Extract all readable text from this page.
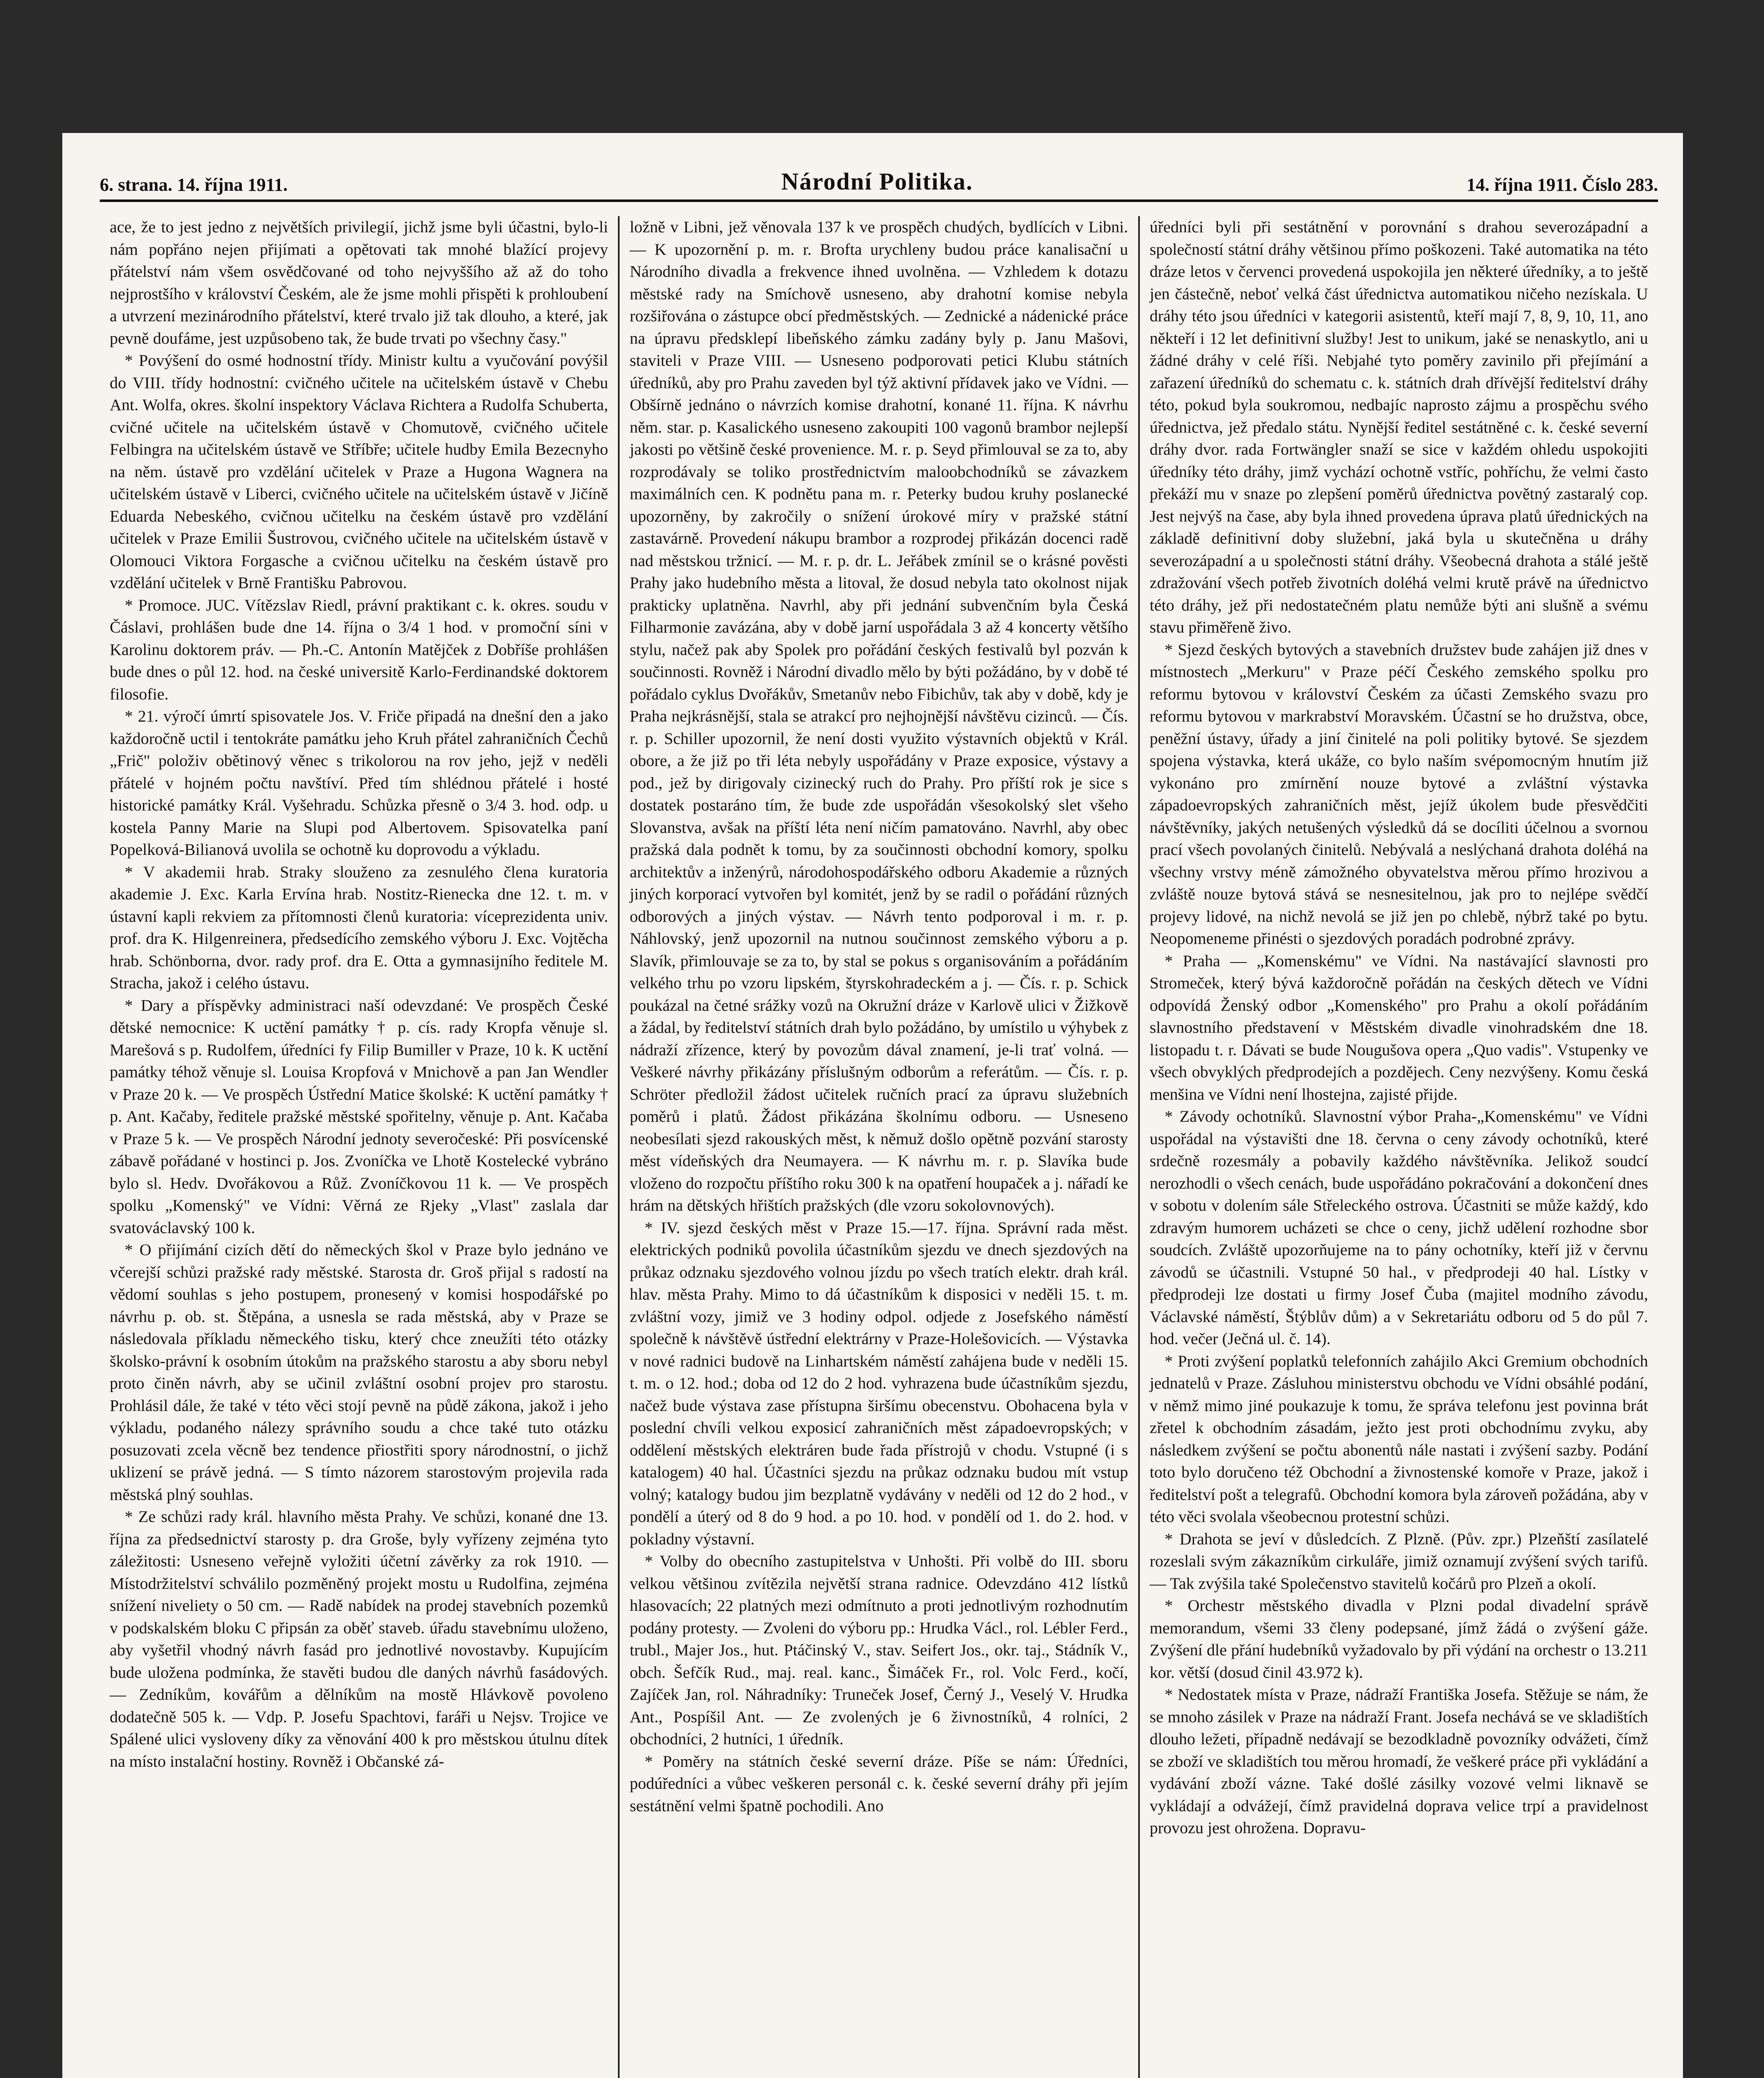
6. strana. 14. října 1911.	Národní Politika.	14. října 1911. Číslo 283.

ace, že to jest jedno z největších privilegií, jichž jsme byli účastni, bylo-li nám popřáno nejen přijímati a opětovati tak mnohé blažící projevy přátelství nám všem osvědčované od toho nejvyššího až až do toho nejprostšího v království Českém, ale že jsme mohli přispěti k prohloubení a utvrzení mezinárodního přátelství, které trvalo již tak dlouho, a které, jak pevně doufáme, jest uzpůsobeno tak, že bude trvati po všechny časy."

* Povýšení do osmé hodnostní třídy. Ministr kultu a vyučování povýšil do VIII. třídy hodnostní: cvičného učitele na učitelském ústavě v Chebu Ant. Wolfa, okres. školní inspektory Václava Richtera a Rudolfa Schuberta, cvičné učitele na učitelském ústavě v Chomutově, cvičného učitele Felbingra na učitelském ústavě ve Stříbře; učitele hudby Emila Bezecnyho na něm. ústavě pro vzdělání učitelek v Praze a Hugona Wagnera na učitelském ústavě v Liberci, cvičného učitele na učitelském ústavě v Jičíně Eduarda Nebeského, cvičnou učitelku na českém ústavě pro vzdělání učitelek v Praze Emilii Šustrovou, cvičného učitele na učitelském ústavě v Olomouci Viktora Forgasche a cvičnou učitelku na českém ústavě pro vzdělání učitelek v Brně Františku Pabrovou.

* Promoce. JUC. Vítězslav Riedl, právní praktikant c. k. okres. soudu v Čáslavi, prohlášen bude dne 14. října o 3/4 1 hod. v promoční síni v Karolinu doktorem práv. — Ph.-C. Antonín Matějček z Dobříše prohlášen bude dnes o půl 12. hod. na české universitě Karlo-Ferdinandské doktorem filosofie.

* 21. výročí úmrtí spisovatele Jos. V. Friče připadá na dnešní den a jako každoročně uctil i tentokráte památku jeho Kruh přátel zahraničních Čechů „Frič" položiv obětinový věnec s trikolorou na rov jeho, jejž v neděli přátelé v hojném počtu navštíví. Před tím shlédnou přátelé i hosté historické památky Král. Vyšehradu. Schůzka přesně o 3/4 3. hod. odp. u kostela Panny Marie na Slupi pod Albertovem. Spisovatelka paní Popelková-Bilianová uvolila se ochotně ku doprovodu a výkladu.

* V akademii hrab. Straky slouženo za zesnulého člena kuratoria akademie J. Exc. Karla Ervína hrab. Nostitz-Rienecka dne 12. t. m. v ústavní kapli rekviem za přítomnosti členů kuratoria: víceprezidenta univ. prof. dra K. Hilgenreinera, předsedícího zemského výboru J. Exc. Vojtěcha hrab. Schönborna, dvor. rady prof. dra E. Otta a gymnasijního ředitele M. Stracha, jakož i celého ústavu.

* Dary a příspěvky administraci naší odevzdané: Ve prospěch České dětské nemocnice: K uctění památky † p. cís. rady Kropfa věnuje sl. Marešová s p. Rudolfem, úředníci fy Filip Bumiller v Praze, 10 k. K uctění památky téhož věnuje sl. Louisa Kropfová v Mnichově a pan Jan Wendler v Praze 20 k. — Ve prospěch Ústřední Matice školské: K uctění památky † p. Ant. Kačaby, ředitele pražské městské spořitelny, věnuje p. Ant. Kačaba v Praze 5 k. — Ve prospěch Národní jednoty severočeské: Při posvícenské zábavě pořádané v hostinci p. Jos. Zvoníčka ve Lhotě Kostelecké vybráno bylo sl. Hedv. Dvořákovou a Růž. Zvoníčkovou 11 k. — Ve prospěch spolku „Komenský" ve Vídni: Věrná ze Rjeky „Vlast" zaslala dar svatováclavský 100 k.

* O přijímání cizích dětí do německých škol v Praze bylo jednáno ve včerejší schůzi pražské rady městské. Starosta dr. Groš přijal s radostí na vědomí souhlas s jeho postupem, pronesený v komisi hospodářské po návrhu p. ob. st. Štěpána, a usnesla se rada městská, aby v Praze se následovala příkladu německého tisku, který chce zneužíti této otázky školsko-právní k osobním útokům na pražského starostu a aby sboru nebyl proto činěn návrh, aby se učinil zvláštní osobní projev pro starostu. Prohlásil dále, že také v této věci stojí pevně na půdě zákona, jakož i jeho výkladu, podaného nálezy správního soudu a chce také tuto otázku posuzovati zcela věcně bez tendence přiostřiti spory národnostní, o jichž uklizení se právě jedná. — S tímto názorem starostovým projevila rada městská plný souhlas.

* Ze schůzi rady král. hlavního města Prahy. Ve schůzi, konané dne 13. října za předsednictví starosty p. dra Groše, byly vyřízeny zejména tyto záležitosti: Usneseno veřejně vyložiti účetní závěrky za rok 1910. — Místodržitelství schválilo pozměněný projekt mostu u Rudolfina, zejména snížení niveliety o 50 cm. — Radě nabídek na prodej stavebních pozemků v podskalském bloku C připsán za oběť staveb. úřadu stavebnímu uloženo, aby vyšetřil vhodný návrh fasád pro jednotlivé novostavby. Kupujícím bude uložena podmínka, že stavěti budou dle daných návrhů fasádových. — Zedníkům, kovářům a dělníkům na mostě Hlávkově povoleno dodatečně 505 k. — Vdp. P. Josefu Spachtovi, faráři u Nejsv. Trojice ve Spálené ulici vysloveny díky za věnování 400 k pro městskou útulnu dítek na místo instalační hostiny. Rovněž i Občanské zá-

ložně v Libni, jež věnovala 137 k ve prospěch chudých, bydlících v Libni. — K upozornění p. m. r. Brofta urychleny budou práce kanalisační u Národního divadla a frekvence ihned uvolněna. — Vzhledem k dotazu městské rady na Smíchově usneseno, aby drahotní komise nebyla rozšiřována o zástupce obcí předměstských. — Zednické a nádenické práce na úpravu předsklepí libeňského zámku zadány byly p. Janu Mašovi, staviteli v Praze VIII. — Usneseno podporovati petici Klubu státních úředníků, aby pro Prahu zaveden byl týž aktivní přídavek jako ve Vídni. — Obšírně jednáno o návrzích komise drahotní, konané 11. října. K návrhu něm. star. p. Kasalického usneseno zakoupiti 100 vagonů brambor nejlepší jakosti po většině české provenience. M. r. p. Seyd přimlouval se za to, aby rozprodávaly se toliko prostřednictvím maloobchodníků se závazkem maximálních cen. K podnětu pana m. r. Peterky budou kruhy poslanecké upozorněny, by zakročily o snížení úrokové míry v pražské státní zastavárně. Provedení nákupu brambor a rozprodej přikázán docenci radě nad městskou tržnicí. — M. r. p. dr. L. Jeřábek zmínil se o krásné pověsti Prahy jako hudebního města a litoval, že dosud nebyla tato okolnost nijak prakticky uplatněna. Navrhl, aby při jednání subvenčním byla Česká Filharmonie zavázána, aby v době jarní uspořádala 3 až 4 koncerty většího stylu, načež pak aby Spolek pro pořádání českých festivalů byl pozván k součinnosti. Rovněž i Národní divadlo mělo by býti požádáno, by v době té pořádalo cyklus Dvořákův, Smetanův nebo Fibichův, tak aby v době, kdy je Praha nejkrásnější, stala se atrakcí pro nejhojnější návštěvu cizinců. — Čís. r. p. Schiller upozornil, že není dosti využito výstavních objektů v Král. obore, a že již po tři léta nebyly uspořádány v Praze exposice, výstavy a pod., jež by dirigovaly cizinecký ruch do Prahy. Pro příští rok je sice s dostatek postaráno tím, že bude zde uspořádán všesokolský slet všeho Slovanstva, avšak na příští léta není ničím pamatováno. Navrhl, aby obec pražská dala podnět k tomu, by za součinnosti obchodní komory, spolku architektův a inženýrů, národohospodářského odboru Akademie a různých jiných korporací vytvořen byl komitét, jenž by se radil o pořádání různých odborových a jiných výstav. — Návrh tento podporoval i m. r. p. Náhlovský, jenž upozornil na nutnou součinnost zemského výboru a p. Slavík, přimlouvaje se za to, by stal se pokus s organisováním a pořádáním velkého trhu po vzoru lipském, štyrskohradeckém a j. — Čís. r. p. Schick poukázal na četné srážky vozů na Okružní dráze v Karlově ulici v Žižkově a žádal, by ředitelství státních drah bylo požádáno, by umístilo u výhybek z nádraží zřízence, který by povozům dával znamení, je-li trať volná. — Veškeré návrhy přikázány příslušným odborům a referátům. — Čís. r. p. Schröter předložil žádost učitelek ručních prací za úpravu služebních poměrů i platů. Žádost přikázána školnímu odboru. — Usneseno neobesílati sjezd rakouských měst, k němuž došlo opětně pozvání starosty měst vídeňských dra Neumayera. — K návrhu m. r. p. Slavíka bude vloženo do rozpočtu příštího roku 300 k na opatření houpaček a j. nářadí ke hrám na dětských hřištích pražských (dle vzoru sokolovnových).

* IV. sjezd českých měst v Praze 15.—17. října. Správní rada měst. elektrických podniků povolila účastníkům sjezdu ve dnech sjezdových na průkaz odznaku sjezdového volnou jízdu po všech tratích elektr. drah král. hlav. města Prahy. Mimo to dá účastníkům k disposici v neděli 15. t. m. zvláštní vozy, jimiž ve 3 hodiny odpol. odjede z Josefského náměstí společně k návštěvě ústřední elektrárny v Praze-Holešovicích. — Výstavka v nové radnici budově na Linhartském náměstí zahájena bude v neděli 15. t. m. o 12. hod.; doba od 12 do 2 hod. vyhrazena bude účastníkům sjezdu, načež bude výstava zase přístupna širšímu obecenstvu. Obohacena byla v poslední chvíli velkou exposicí zahraničních měst západoevropských; v oddělení městských elektráren bude řada přístrojů v chodu. Vstupné (i s katalogem) 40 hal. Účastníci sjezdu na průkaz odznaku budou mít vstup volný; katalogy budou jim bezplatně vydávány v neděli od 12 do 2 hod., v pondělí a úterý od 8 do 9 hod. a po 10. hod. v pondělí od 1. do 2. hod. v pokladny výstavní.

* Volby do obecního zastupitelstva v Unhošti. Při volbě do III. sboru velkou většinou zvítězila největší strana radnice. Odevzdáno 412 lístků hlasovacích; 22 platných mezi odmítnuto a proti jednotlivým rozhodnutím podány protesty. — Zvoleni do výboru pp.: Hrudka Václ., rol. Lébler Ferd., trubl., Majer Jos., hut. Ptáčinský V., stav. Seifert Jos., okr. taj., Stádník V., obch. Šefčík Rud., maj. real. kanc., Šimáček Fr., rol. Volc Ferd., kočí, Zajíček Jan, rol. Náhradníky: Truneček Josef, Černý J., Veselý V. Hrudka Ant., Pospíšil Ant. — Ze zvolených je 6 živnostníků, 4 rolníci, 2 obchodníci, 2 hutníci, 1 úředník.

* Poměry na státních české severní dráze. Píše se nám: Úředníci, podúředníci a vůbec veškeren personál c. k. české severní dráhy při jejím sestátnění velmi špatně pochodili. Ano

úředníci byli při sestátnění v porovnání s drahou severozápadní a společností státní dráhy většinou přímo poškozeni. Také automatika na této dráze letos v červenci provedená uspokojila jen některé úředníky, a to ještě jen částečně, neboť velká část úřednictva automatikou ničeho nezískala. U dráhy této jsou úředníci v kategorii asistentů, kteří mají 7, 8, 9, 10, 11, ano někteří i 12 let definitivní služby! Jest to unikum, jaké se nenaskytlo, ani u žádné dráhy v celé říši. Nebjahé tyto poměry zavinilo při přejímání a zařazení úředníků do schematu c. k. státních drah dřívější ředitelství dráhy této, pokud byla soukromou, nedbajíc naprosto zájmu a prospěchu svého úřednictva, jež předalo státu. Nynější ředitel sestátněné c. k. české severní dráhy dvor. rada Fortwängler snaží se sice v každém ohledu uspokojiti úředníky této dráhy, jimž vychází ochotně vstříc, pohříchu, že velmi často překáží mu v snaze po zlepšení poměrů úřednictva povětný zastaralý cop. Jest nejvýš na čase, aby byla ihned provedena úprava platů úřednických na základě definitivní doby služební, jaká byla u skutečněna u dráhy severozápadní a u společnosti státní dráhy. Všeobecná drahota a stálé ještě zdražování všech potřeb životních doléhá velmi krutě právě na úřednictvo této dráhy, jež při nedostatečném platu nemůže býti ani slušně a svému stavu přiměřeně živo.

* Sjezd českých bytových a stavebních družstev bude zahájen již dnes v místnostech „Merkuru" v Praze péčí Českého zemského spolku pro reformu bytovou v království Českém za účasti Zemského svazu pro reformu bytovou v markrabství Moravském. Účastní se ho družstva, obce, peněžní ústavy, úřady a jiní činitelé na poli politiky bytové. Se sjezdem spojena výstavka, která ukáže, co bylo naším svépomocným hnutím již vykonáno pro zmírnění nouze bytové a zvláštní výstavka západoevropských zahraničních měst, jejíž úkolem bude přesvědčiti návštěvníky, jakých netušených výsledků dá se docíliti účelnou a svornou prací všech povolaných činitelů. Nebývalá a neslýchaná drahota doléhá na všechny vrstvy méně zámožného obyvatelstva měrou přímo hrozivou a zvláště nouze bytová stává se nesnesitelnou, jak pro to nejlépe svědčí projevy lidové, na nichž nevolá se již jen po chlebě, nýbrž také po bytu. Neopomeneme přinésti o sjezdových poradách podrobné zprávy.

* Praha — „Komenskému" ve Vídni. Na nastávající slavnosti pro Stromeček, který bývá každoročně pořádán na českých dětech ve Vídni odpovídá Ženský odbor „Komenského" pro Prahu a okolí pořádáním slavnostního představení v Městském divadle vinohradském dne 18. listopadu t. r. Dávati se bude Nougušova opera „Quo vadis". Vstupenky ve všech obvyklých předprodejích a pozdějech. Ceny nezvýšeny. Komu česká menšina ve Vídni není lhostejna, zajisté přijde.

* Závody ochotníků. Slavnostní výbor Praha-„Komenskému" ve Vídni uspořádal na výstavišti dne 18. června o ceny závody ochotníků, které srdečně rozesmály a pobavily každého návštěvníka. Jelikož soudcí nerozhodli o všech cenách, bude uspořádáno pokračování a dokončení dnes v sobotu v dolením sále Střeleckého ostrova. Účastniti se může každý, kdo zdravým humorem ucházeti se chce o ceny, jichž udělení rozhodne sbor soudcích. Zvláště upozorňujeme na to pány ochotníky, kteří již v červnu závodů se účastnili. Vstupné 50 hal., v předprodeji 40 hal. Lístky v předprodeji lze dostati u firmy Josef Čuba (majitel modního závodu, Václavské náměstí, Štýblův dům) a v Sekretariátu odboru od 5 do půl 7. hod. večer (Ječná ul. č. 14).

* Proti zvýšení poplatků telefonních zahájilo Akci Gremium obchodních jednatelů v Praze. Zásluhou ministerstvu obchodu ve Vídni obsáhlé podání, v němž mimo jiné poukazuje k tomu, že správa telefonu jest povinna brát zřetel k obchodním zásadám, ježto jest proti obchodnímu zvyku, aby následkem zvýšení se počtu abonentů nále nastati i zvýšení sazby. Podání toto bylo doručeno též Obchodní a živnostenské komoře v Praze, jakož i ředitelství pošt a telegrafů. Obchodní komora byla zároveň požádána, aby v této věci svolala všeobecnou protestní schůzi.

* Drahota se jeví v důsledcích. Z Plzně. (Pův. zpr.) Plzeňští zasílatelé rozeslali svým zákazníkům cirkuláře, jimiž oznamují zvýšení svých tarifů. — Tak zvýšila také Společenstvo stavitelů kočárů pro Plzeň a okolí.

* Orchestr městského divadla v Plzni podal divadelní správě memorandum, všemi 33 členy podepsané, jímž žádá o zvýšení gáže. Zvýšení dle přání hudebníků vyžadovalo by při výdání na orchestr o 13.211 kor. větší (dosud činil 43.972 k).

* Nedostatek místa v Praze, nádraží Františka Josefa. Stěžuje se nám, že se mnoho zásilek v Praze na nádraží Frant. Josefa nechává se ve skladištích dlouho ležeti, případně nedávají se bezodkladně povozníky odvážeti, čímž se zboží ve skladištích tou měrou hromadí, že veškeré práce při vykládání a vydávání zboží vázne. Také došlé zásilky vozové velmi liknavě se vykládají a odvážejí, čímž pravidelná doprava velice trpí a pravidelnost provozu jest ohrožena. Dopravu-
